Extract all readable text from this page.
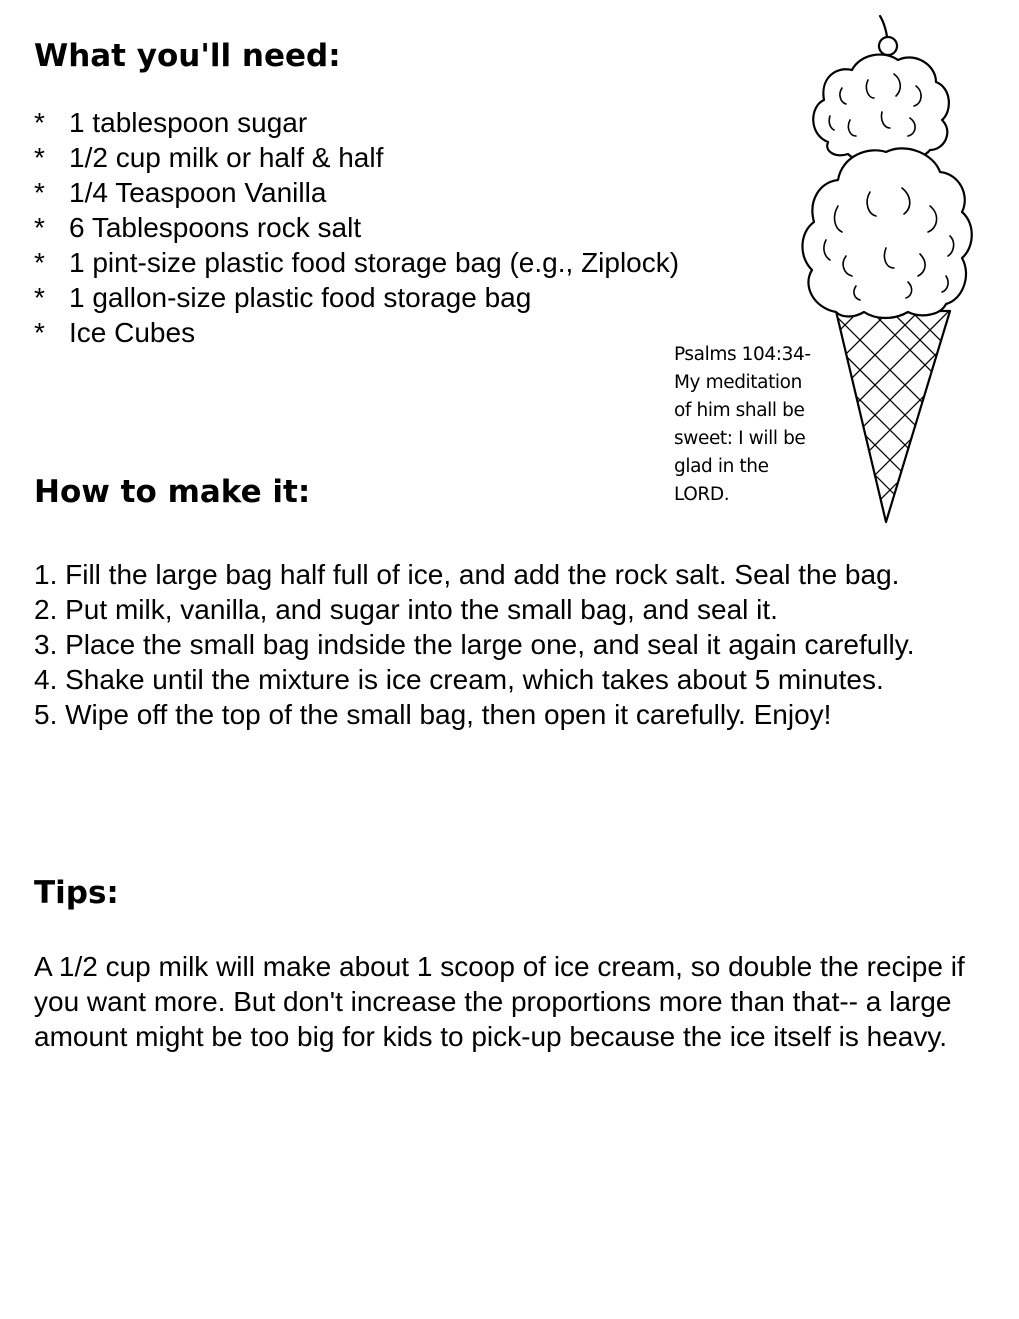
What you'll need:
* 1 tablespoon sugar
* 1/2 cup milk or half & half
* 1/4 Teaspoon Vanilla
* 6 Tablespoons rock salt
* 1 pint-size plastic food storage bag (e.g., Ziplock)
* 1 gallon-size plastic food storage bag
* Ice Cubes
How to make it:
1. Fill the large bag half full of ice, and add the rock salt. Seal the bag.
2. Put milk, vanilla, and sugar into the small bag, and seal it.
3. Place the small bag indside the large one, and seal it again carefully.
4. Shake until the mixture is ice cream, which takes about 5 minutes.
5. Wipe off the top of the small bag, then open it carefully. Enjoy!
Tips:

A 1/2 cup milk will make about 1 scoop of ice cream, so double the recipe if you want more. But don't increase the proportions more than that-- a large amount might be too big for kids to pick-up because the ice itself is heavy.

Psalms 104:34-
My meditation
of him shall be
sweet: I will be
glad in the
LORD.
